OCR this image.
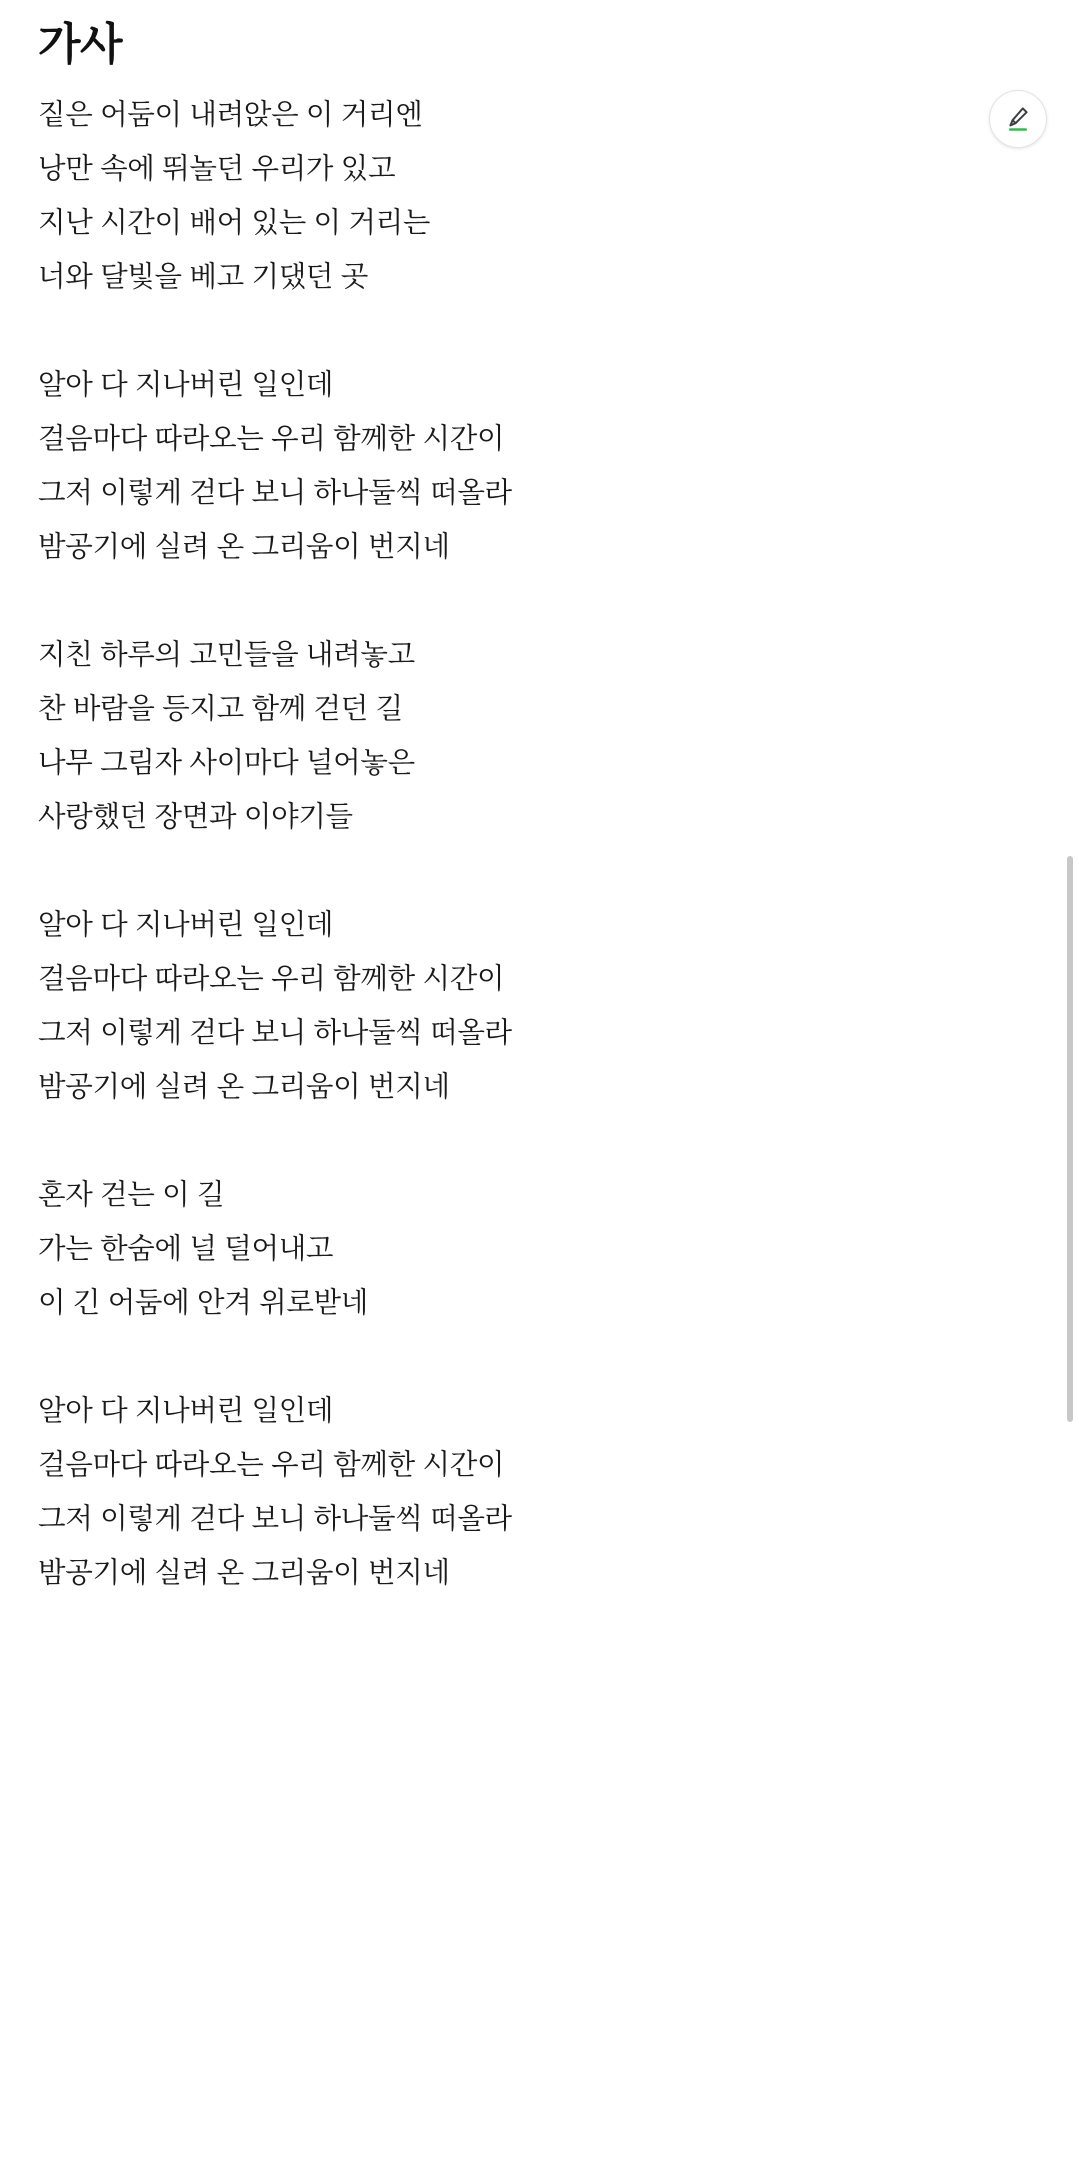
가사
짙은 어둠이 내려앉은 이 거리엔
낭만 속에 뛰놀던 우리가 있고
지난 시간이 배어 있는 이 거리는
너와 달빛을 베고 기댔던 곳
알아 다 지나버린 일인데
걸음마다 따라오는 우리 함께한 시간이
그저 이렇게 걷다 보니 하나둘씩 떠올라
밤공기에 실려 온 그리움이 번지네
지친 하루의 고민들을 내려놓고
찬 바람을 등지고 함께 걷던 길
나무 그림자 사이마다 널어놓은
사랑했던 장면과 이야기들
알아 다 지나버린 일인데
걸음마다 따라오는 우리 함께한 시간이
그저 이렇게 걷다 보니 하나둘씩 떠올라
밤공기에 실려 온 그리움이 번지네
혼자 걷는 이 길
가는 한숨에 널 덜어내고
이 긴 어둠에 안겨 위로받네
알아 다 지나버린 일인데
걸음마다 따라오는 우리 함께한 시간이
그저 이렇게 걷다 보니 하나둘씩 떠올라
밤공기에 실려 온 그리움이 번지네
